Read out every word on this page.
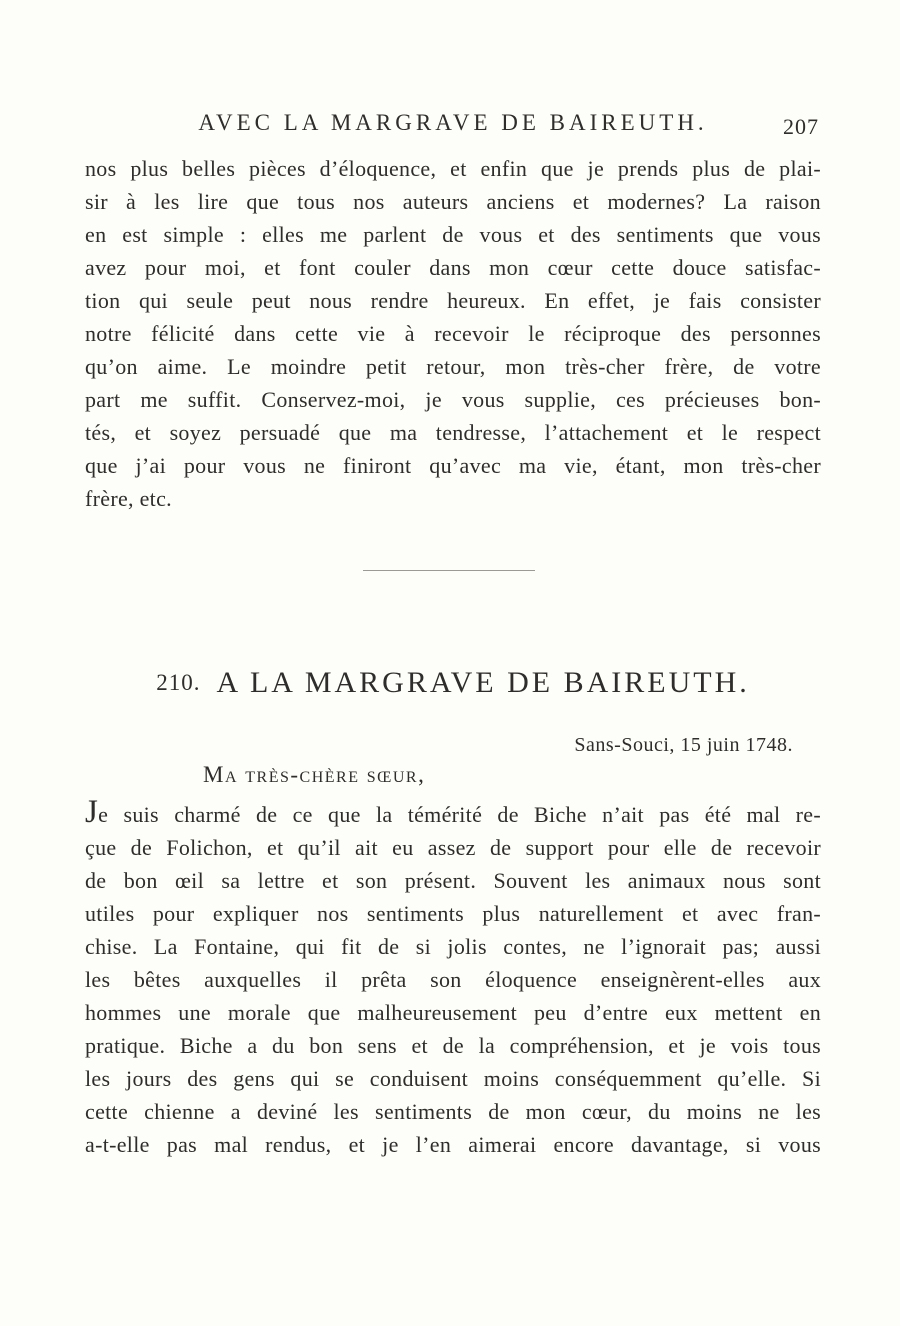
AVEC LA MARGRAVE DE BAIREUTH.	207
nos plus belles pièces d’éloquence, et enfin que je prends plus de plai-
sir à les lire que tous nos auteurs anciens et modernes? La raison
en est simple : elles me parlent de vous et des sentiments que vous
avez pour moi, et font couler dans mon cœur cette douce satisfac-
tion qui seule peut nous rendre heureux. En effet, je fais consister
notre félicité dans cette vie à recevoir le réciproque des personnes
qu’on aime. Le moindre petit retour, mon très-cher frère, de votre
part me suffit. Conservez-moi, je vous supplie, ces précieuses bon-
tés, et soyez persuadé que ma tendresse, l’attachement et le respect
que j’ai pour vous ne finiront qu’avec ma vie, étant, mon très-cher
frère, etc.
210. A LA MARGRAVE DE BAIREUTH.
Sans-Souci, 15 juin 1748.
Ma très-chère sœur,
Je suis charmé de ce que la témérité de Biche n’ait pas été mal re-
çue de Folichon, et qu’il ait eu assez de support pour elle de recevoir
de bon œil sa lettre et son présent. Souvent les animaux nous sont
utiles pour expliquer nos sentiments plus naturellement et avec fran-
chise. La Fontaine, qui fit de si jolis contes, ne l’ignorait pas; aussi
les bêtes auxquelles il prêta son éloquence enseignèrent-elles aux
hommes une morale que malheureusement peu d’entre eux mettent en
pratique. Biche a du bon sens et de la compréhension, et je vois tous
les jours des gens qui se conduisent moins conséquemment qu’elle. Si
cette chienne a deviné les sentiments de mon cœur, du moins ne les
a-t-elle pas mal rendus, et je l’en aimerai encore davantage, si vous
